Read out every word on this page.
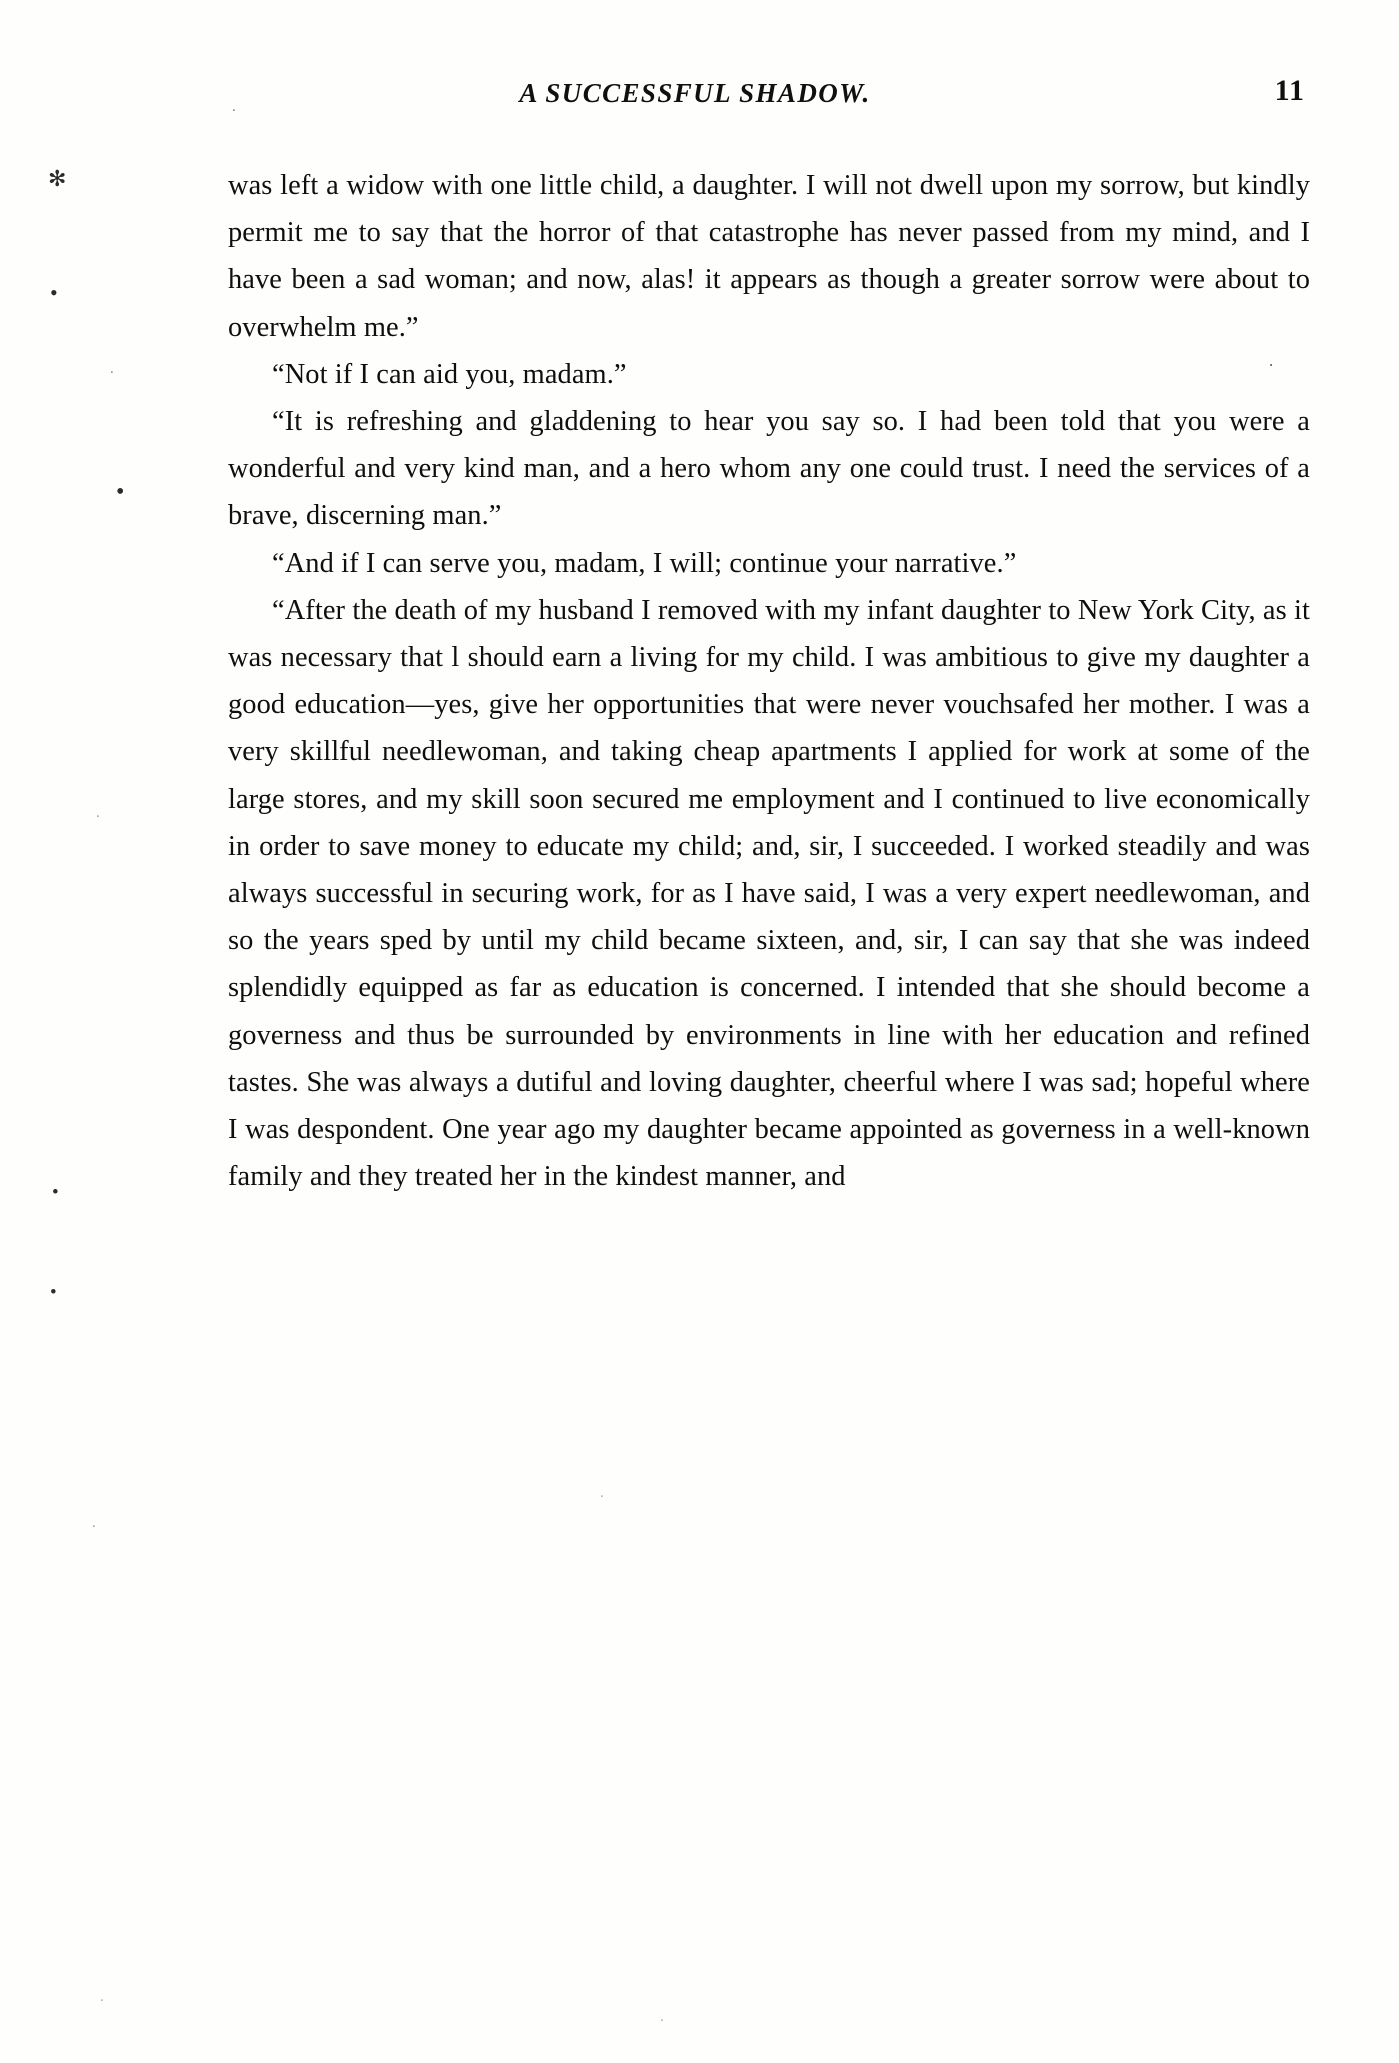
A SUCCESSFUL SHADOW.	11
✻
•
•
•
•
.
.	.
.
.
.
.
.

was left a widow with one little child, a daughter. I will not dwell upon my sorrow, but kindly permit me to say that the horror of that catastrophe has never passed from my mind, and I have been a sad woman; and now, alas! it appears as though a greater sorrow were about to overwhelm me.”

“Not if I can aid you, madam.”

“It is refreshing and gladdening to hear you say so. I had been told that you were a wonderful and very kind man, and a hero whom any one could trust. I need the services of a brave, discerning man.”

“And if I can serve you, madam, I will; continue your narrative.”

“After the death of my husband I removed with my infant daughter to New York City, as it was necessary that l should earn a living for my child. I was ambitious to give my daughter a good education—yes, give her opportunities that were never vouchsafed her mother. I was a very skillful needlewoman, and taking cheap apartments I applied for work at some of the large stores, and my skill soon secured me employment and I continued to live economically in order to save money to educate my child; and, sir, I succeeded. I worked steadily and was always successful in securing work, for as I have said, I was a very expert needlewoman, and so the years sped by until my child became sixteen, and, sir, I can say that she was indeed splendidly equipped as far as education is concerned. I intended that she should become a governess and thus be surrounded by environments in line with her education and refined tastes. She was always a dutiful and loving daughter, cheerful where I was sad; hopeful where I was despondent. One year ago my daughter became appointed as governess in a well-known family and they treated her in the kindest manner, and
